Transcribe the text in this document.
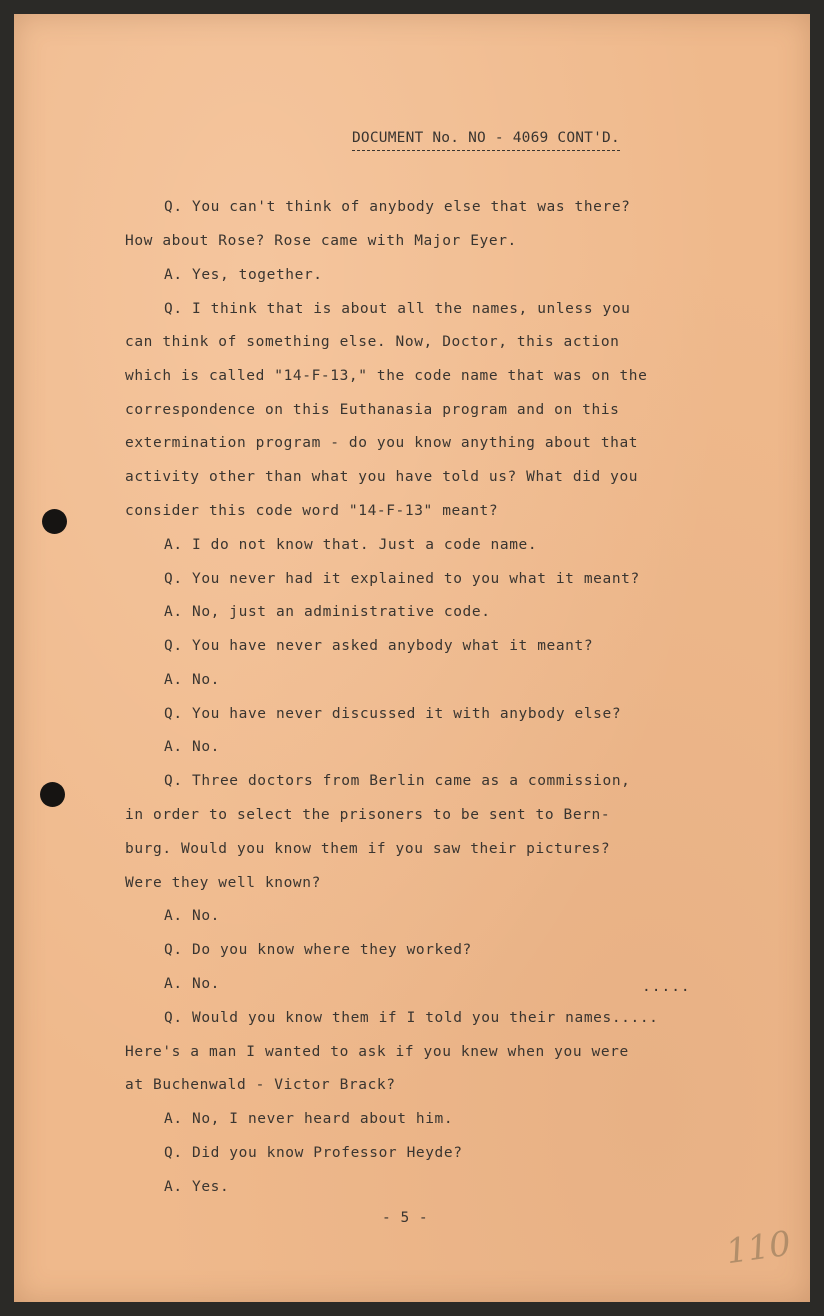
DOCUMENT No. NO - 4069 CONT'D.
Q. You can't think of anybody else that was there?
How about Rose? Rose came with Major Eyer.
A. Yes, together.
Q. I think that is about all the names, unless you
can think of something else. Now, Doctor, this action
which is called "14-F-13," the code name that was on the
correspondence on this Euthanasia program and on this
extermination program - do you know anything about that
activity other than what you have told us? What did you
consider this code word "14-F-13" meant?
A. I do not know that. Just a code name.
Q. You never had it explained to you what it meant?
A. No, just an administrative code.
Q. You have never asked anybody what it meant?
A. No.
Q. You have never discussed it with anybody else?
A. No.
Q. Three doctors from Berlin came as a commission,
in order to select the prisoners to be sent to Bern-
burg. Would you know them if you saw their pictures?
Were they well known?
A. No.
Q. Do you know where they worked?
A. No.	.....
Q. Would you know them if I told you their names.....
Here's a man I wanted to ask if you knew when you were
at Buchenwald - Victor Brack?
A. No, I never heard about him.
Q. Did you know Professor Heyde?
A. Yes.
- 5 -
110
